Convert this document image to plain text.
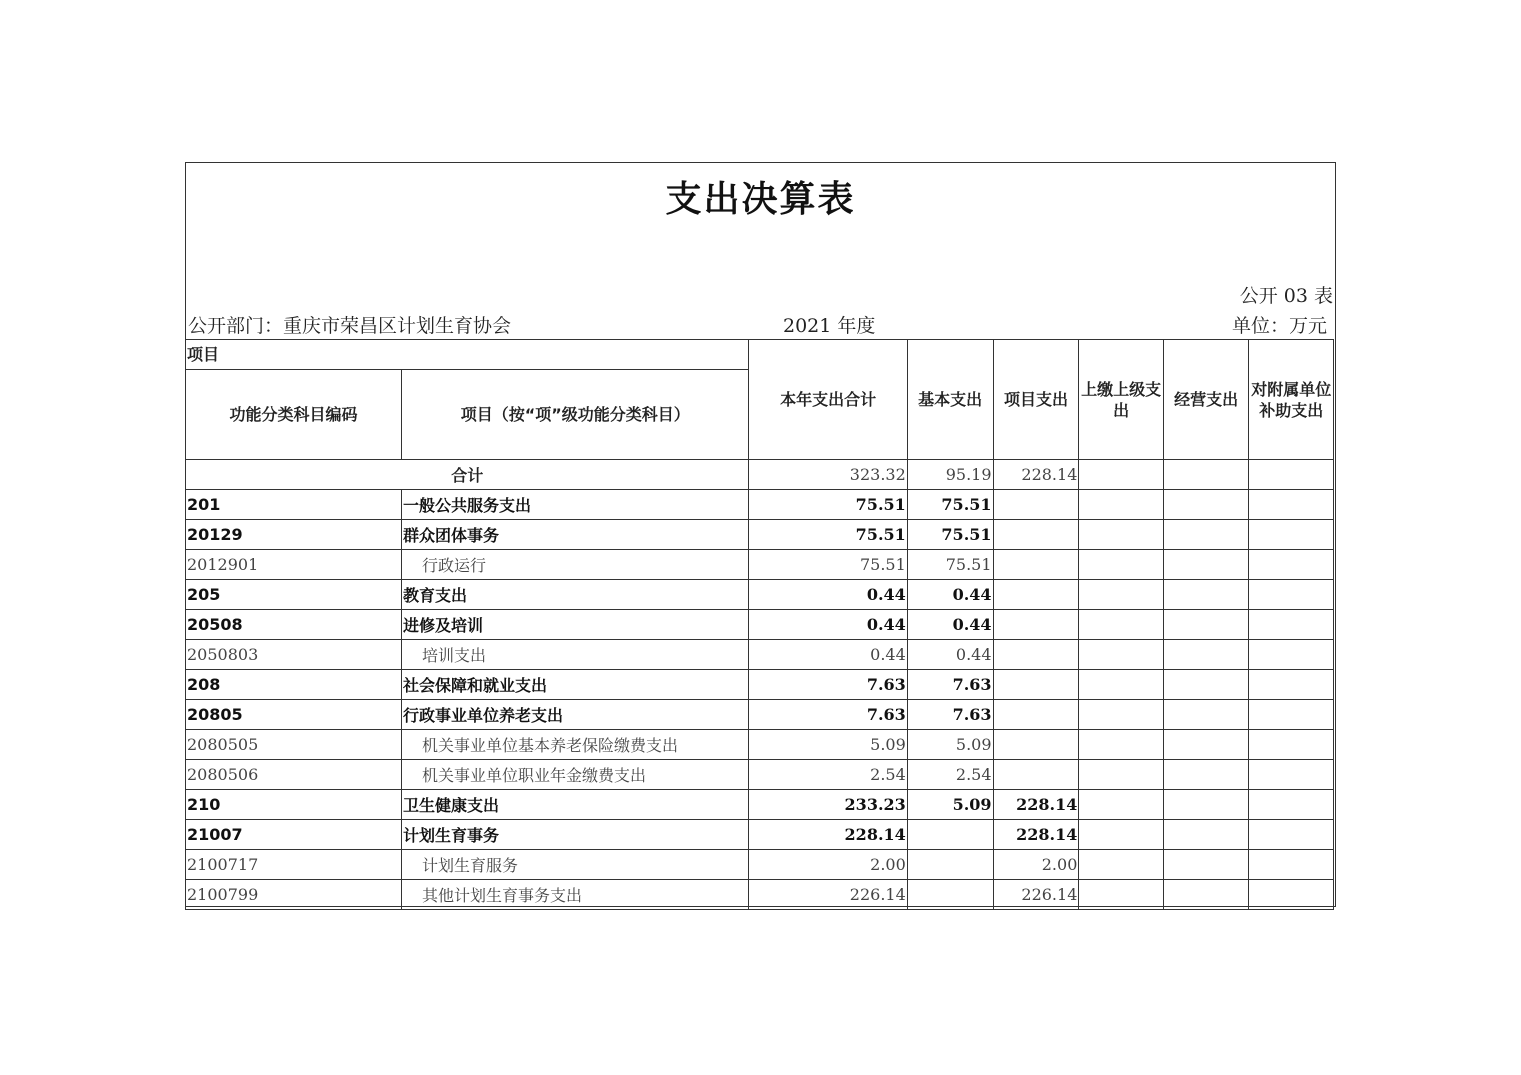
支出决算表
公开 03 表
公开部门：重庆市荣昌区计划生育协会	2021 年度	单位：万元
项目		本年支出合计	基本支出	项目支出	上缴上级支出	经营支出	对附属单位补助支出
功能分类科目编码	项目（按“项”级功能分类科目）						
合计		323.32	95.19	228.14			
201	一般公共服务支出	75.51	75.51				
20129	群众团体事务	75.51	75.51				
2012901	行政运行	75.51	75.51				
205	教育支出	0.44	0.44				
20508	进修及培训	0.44	0.44				
2050803	培训支出	0.44	0.44				
208	社会保障和就业支出	7.63	7.63				
20805	行政事业单位养老支出	7.63	7.63				
2080505	机关事业单位基本养老保险缴费支出	5.09	5.09				
2080506	机关事业单位职业年金缴费支出	2.54	2.54				
210	卫生健康支出	233.23	5.09	228.14			
21007	计划生育事务	228.14		228.14			
2100717	计划生育服务	2.00		2.00			
2100799	其他计划生育事务支出	226.14		226.14			
